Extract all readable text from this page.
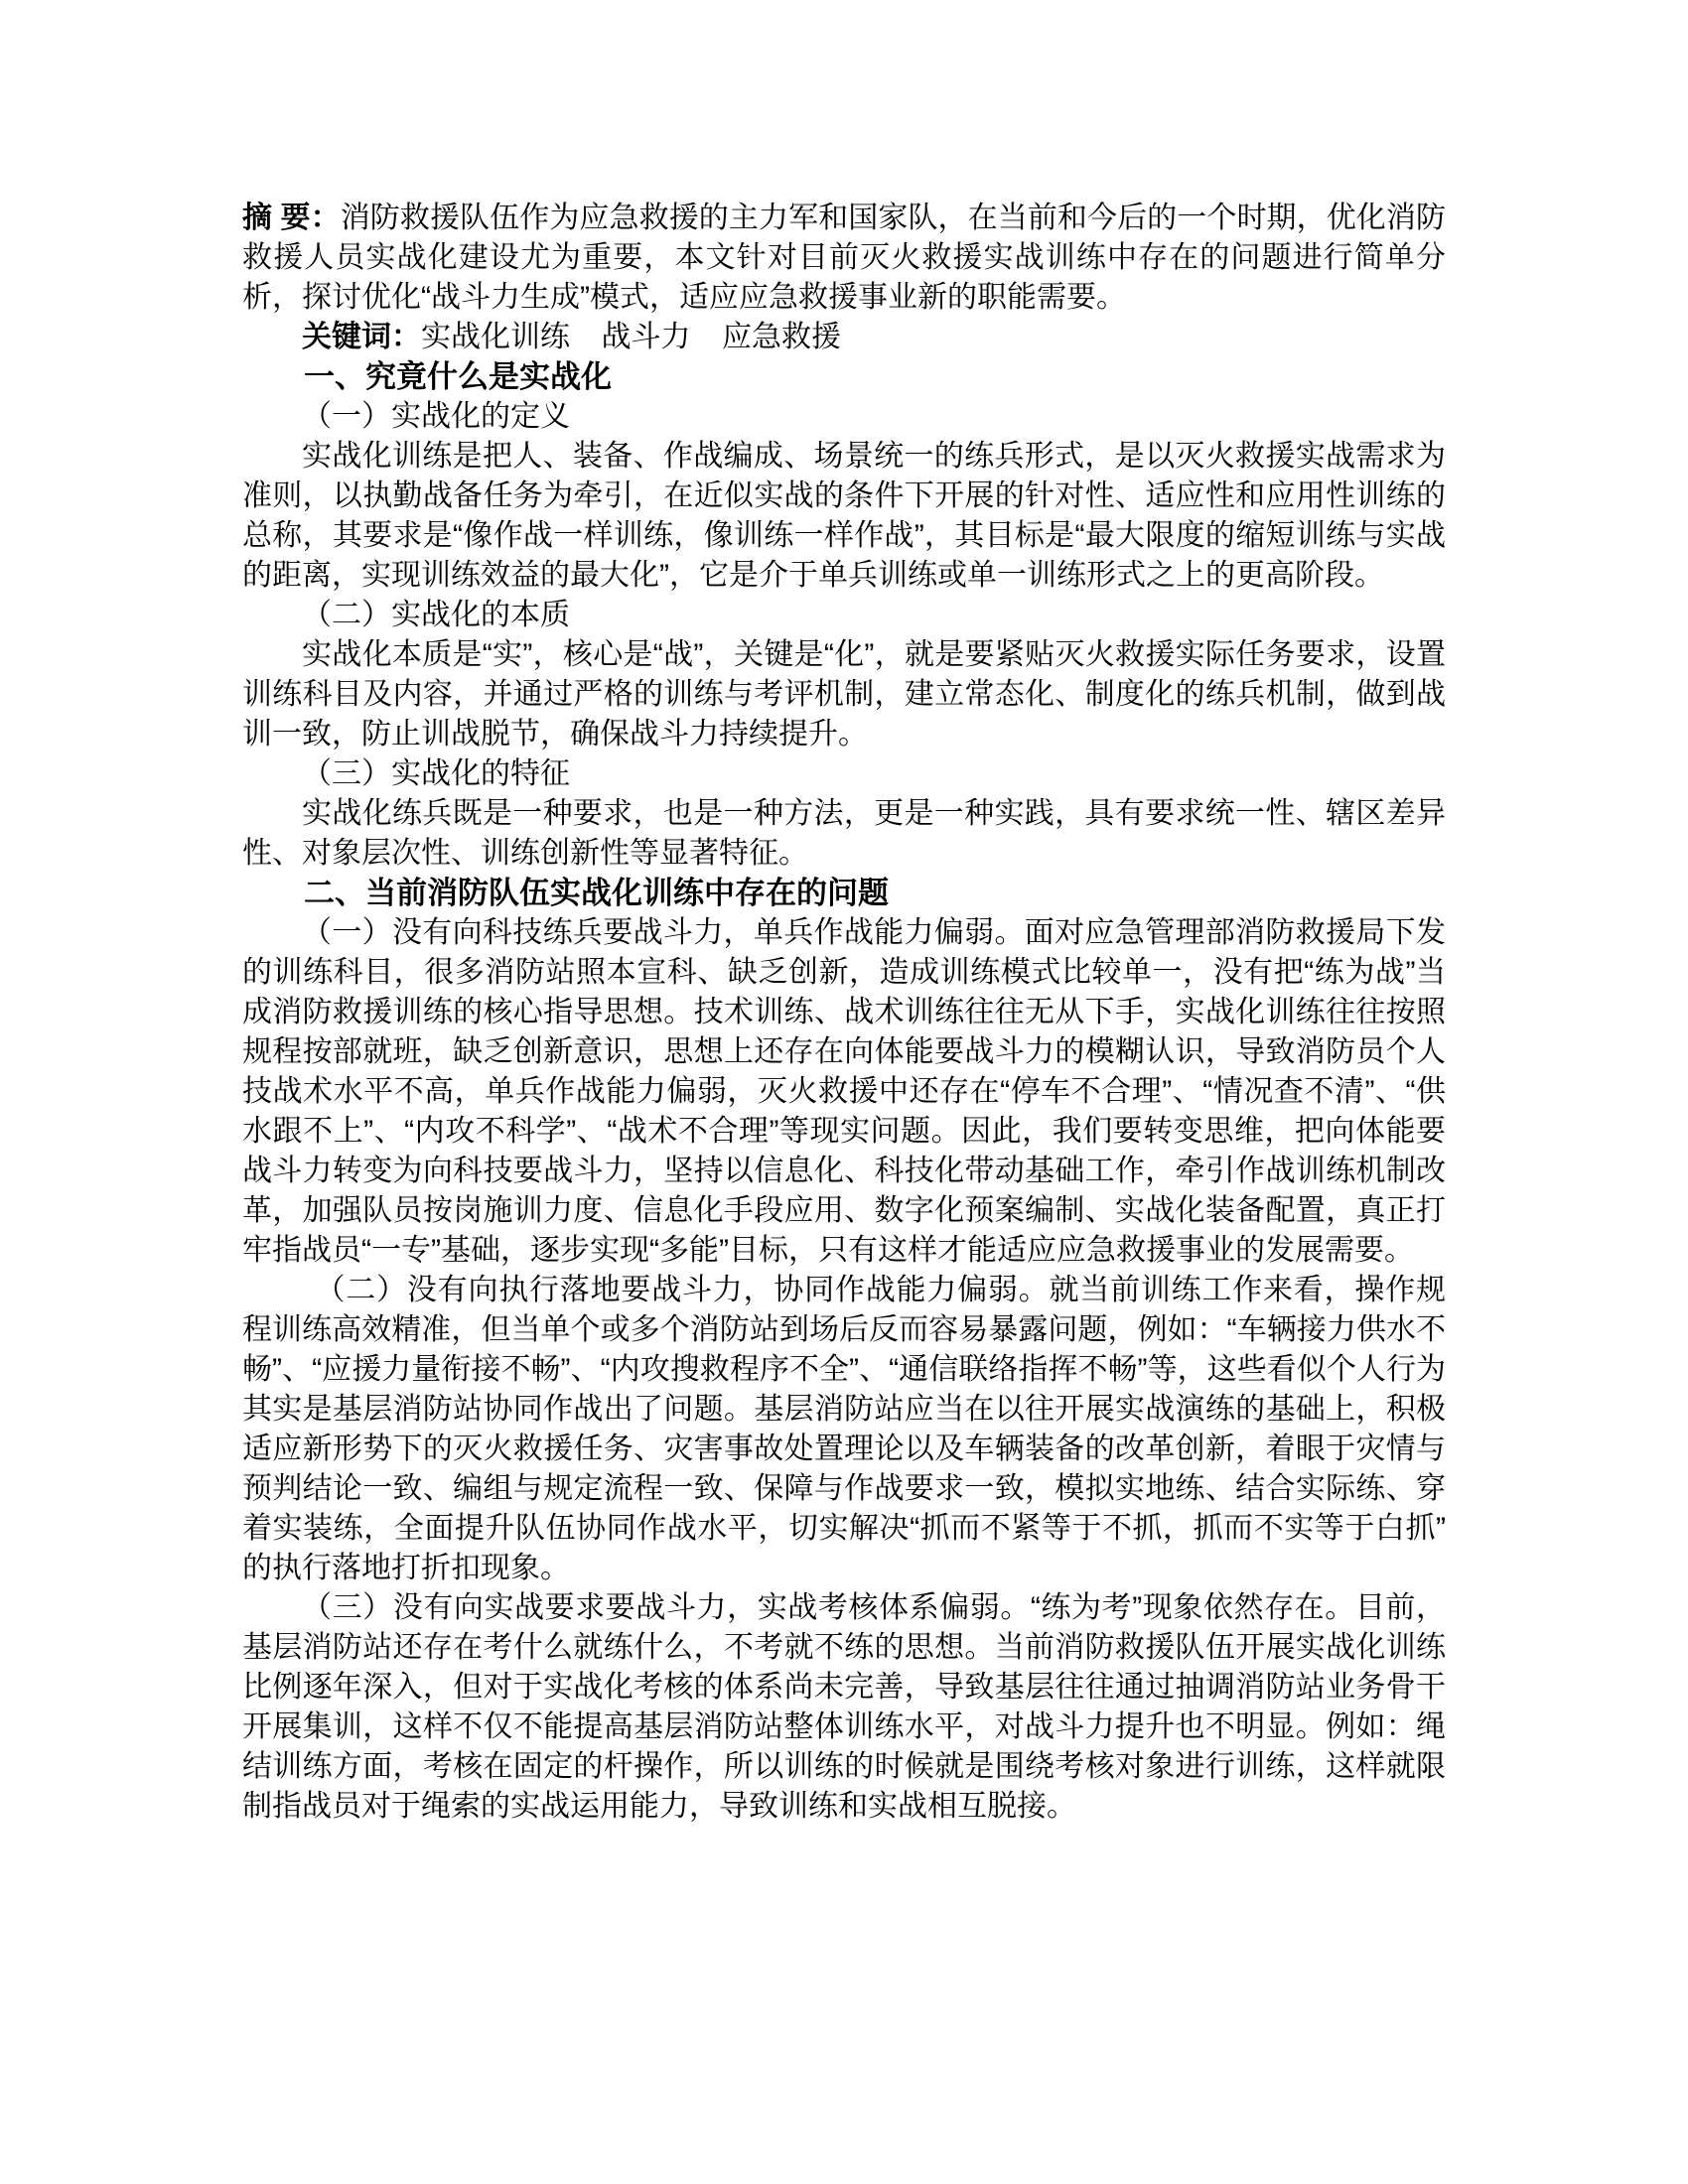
摘 要：消防救援队伍作为应急救援的主力军和国家队，在当前和今后的一个时期，优化消防救援人员实战化建设尤为重要，本文针对目前灭火救援实战训练中存在的问题进行简单分析，探讨优化“战斗力生成”模式，适应应急救援事业新的职能需要。

关键词：实战化训练 战斗力 应急救援

一、究竟什么是实战化

（一）实战化的定义

实战化训练是把人、装备、作战编成、场景统一的练兵形式，是以灭火救援实战需求为准则，以执勤战备任务为牵引，在近似实战的条件下开展的针对性、适应性和应用性训练的总称，其要求是“像作战一样训练，像训练一样作战”，其目标是“最大限度的缩短训练与实战的距离，实现训练效益的最大化”，它是介于单兵训练或单一训练形式之上的更高阶段。

（二）实战化的本质

实战化本质是“实”，核心是“战”，关键是“化”，就是要紧贴灭火救援实际任务要求，设置训练科目及内容，并通过严格的训练与考评机制，建立常态化、制度化的练兵机制，做到战训一致，防止训战脱节，确保战斗力持续提升。

（三）实战化的特征

实战化练兵既是一种要求，也是一种方法，更是一种实践，具有要求统一性、辖区差异性、对象层次性、训练创新性等显著特征。

二、当前消防队伍实战化训练中存在的问题

（一）没有向科技练兵要战斗力，单兵作战能力偏弱。面对应急管理部消防救援局下发的训练科目，很多消防站照本宣科、缺乏创新，造成训练模式比较单一，没有把“练为战”当成消防救援训练的核心指导思想。技术训练、战术训练往往无从下手，实战化训练往往按照规程按部就班，缺乏创新意识，思想上还存在向体能要战斗力的模糊认识，导致消防员个人技战术水平不高，单兵作战能力偏弱，灭火救援中还存在“停车不合理”、“情况查不清”、“供水跟不上”、“内攻不科学”、“战术不合理”等现实问题。因此，我们要转变思维，把向体能要战斗力转变为向科技要战斗力，坚持以信息化、科技化带动基础工作，牵引作战训练机制改革，加强队员按岗施训力度、信息化手段应用、数字化预案编制、实战化装备配置，真正打牢指战员“一专”基础，逐步实现“多能”目标，只有这样才能适应应急救援事业的发展需要。

（二）没有向执行落地要战斗力，协同作战能力偏弱。就当前训练工作来看，操作规程训练高效精准，但当单个或多个消防站到场后反而容易暴露问题，例如：“车辆接力供水不畅”、“应援力量衔接不畅”、“内攻搜救程序不全”、“通信联络指挥不畅”等，这些看似个人行为其实是基层消防站协同作战出了问题。基层消防站应当在以往开展实战演练的基础上，积极适应新形势下的灭火救援任务、灾害事故处置理论以及车辆装备的改革创新，着眼于灾情与预判结论一致、编组与规定流程一致、保障与作战要求一致，模拟实地练、结合实际练、穿着实装练，全面提升队伍协同作战水平，切实解决“抓而不紧等于不抓，抓而不实等于白抓”的执行落地打折扣现象。

（三）没有向实战要求要战斗力，实战考核体系偏弱。“练为考”现象依然存在。目前，基层消防站还存在考什么就练什么，不考就不练的思想。当前消防救援队伍开展实战化训练比例逐年深入，但对于实战化考核的体系尚未完善，导致基层往往通过抽调消防站业务骨干开展集训，这样不仅不能提高基层消防站整体训练水平，对战斗力提升也不明显。例如：绳结训练方面，考核在固定的杆操作，所以训练的时候就是围绕考核对象进行训练，这样就限制指战员对于绳索的实战运用能力，导致训练和实战相互脱接。
